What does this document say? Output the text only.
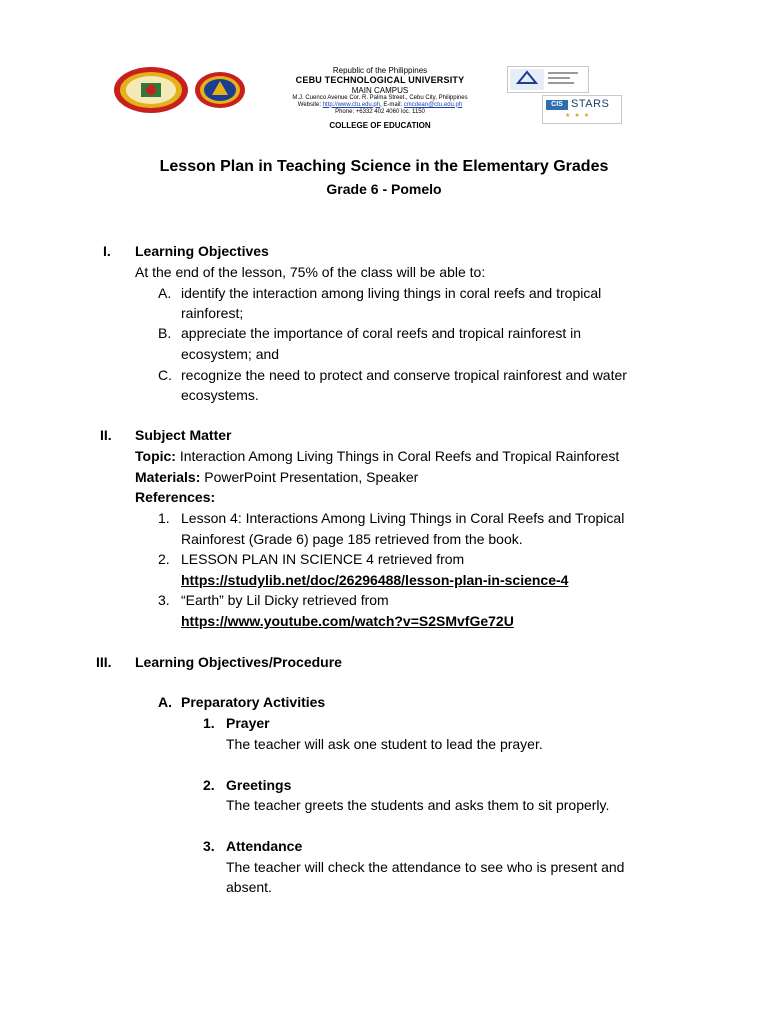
Republic of the Philippines
CEBU TECHNOLOGICAL UNIVERSITY
MAIN CAMPUS
M.J. Cuenco Avenue Cor. R. Palma Street., Cebu City, Philippines
Website: http://www.ctu.edu.ph, E-mail: cmcdean@ctu.edu.ph
Phone: +6332 402 4060 loc. 1150
COLLEGE OF EDUCATION
CIS STARS
★★★
Lesson Plan in Teaching Science in the Elementary Grades
Grade 6 - Pomelo
I. Learning Objectives
At the end of the lesson, 75% of the class will be able to:
A. identify the interaction among living things in coral reefs and tropical
rainforest;
B. appreciate the importance of coral reefs and tropical rainforest in
ecosystem; and
C. recognize the need to protect and conserve tropical rainforest and water
ecosystems.
II. Subject Matter
Topic: Interaction Among Living Things in Coral Reefs and Tropical Rainforest
Materials: PowerPoint Presentation, Speaker
References:
1. Lesson 4: Interactions Among Living Things in Coral Reefs and Tropical
Rainforest (Grade 6) page 185 retrieved from the book.
2. LESSON PLAN IN SCIENCE 4 retrieved from
https://studylib.net/doc/26296488/lesson-plan-in-science-4
3. “Earth” by Lil Dicky retrieved from
https://www.youtube.com/watch?v=S2SMvfGe72U
III. Learning Objectives/Procedure
A. Preparatory Activities
1. Prayer
The teacher will ask one student to lead the prayer.
2. Greetings
The teacher greets the students and asks them to sit properly.
3. Attendance
The teacher will check the attendance to see who is present and
absent.
